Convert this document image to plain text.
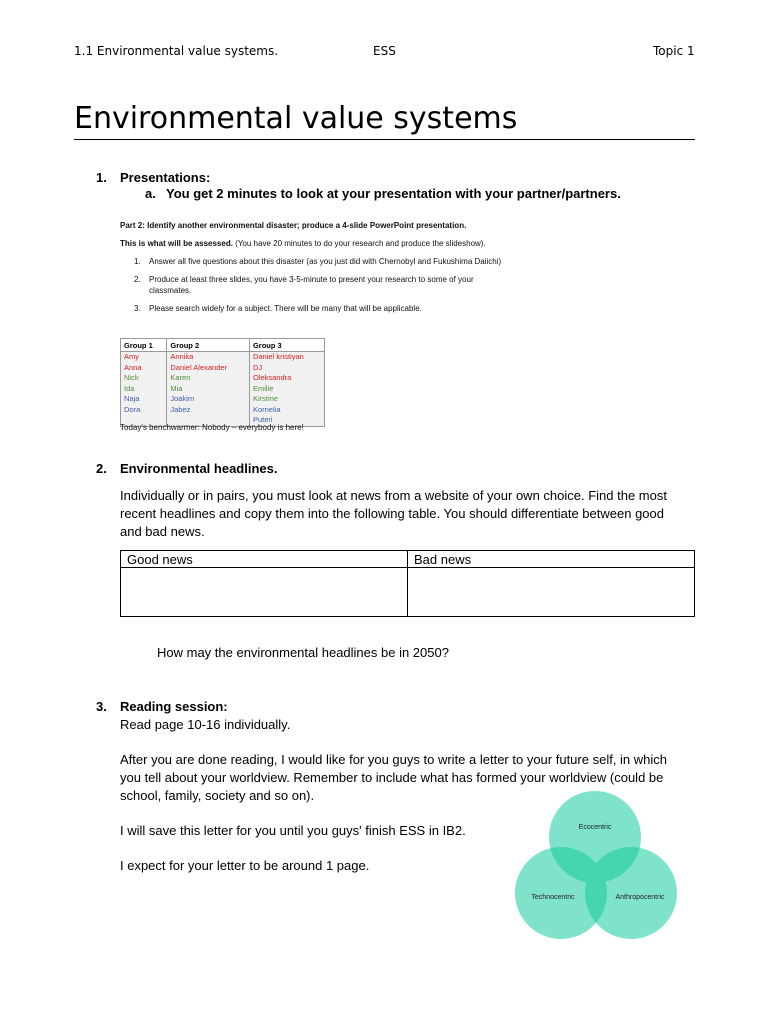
1.1 Environmental value systems.	ESS	Topic 1
Environmental value systems
1. Presentations:
a. You get 2 minutes to look at your presentation with your partner/partners.
Part 2: Identify another environmental disaster; produce a 4-slide PowerPoint presentation.
This is what will be assessed. (You have 20 minutes to do your research and produce the slideshow).
1. Answer all five questions about this disaster (as you just did with Chernobyl and Fukushima Daiichi)
2. Produce at least three slides, you have 3-5-minute to present your research to some of your
classmates.
3. Please search widely for a subject. There will be many that will be applicable.
Group 1	Group 2	Group 3
Amy	Annika	Daniel kristiyan
Anna	Daniel Alexander	DJ
Nick	Karen	Oleksandra
Ida	Mia	Emilie
Naja	Joakim	Kirstine
Dora	Jabez	Kornelia
		Puteri
Today's benchwarmer: Nobody – everybody is here!
2. Environmental headlines.
Individually or in pairs, you must look at news from a website of your own choice. Find the most
recent headlines and copy them into the following table. You should differentiate between good
and bad news.
Good news	Bad news

How may the environmental headlines be in 2050?
3. Reading session:
Read page 10-16 individually.
After you are done reading, I would like for you guys to write a letter to your future self, in which
you tell about your worldview. Remember to include what has formed your worldview (could be
school, family, society and so on).
I will save this letter for you until you guys' finish ESS in IB2.
I expect for your letter to be around 1 page.
Ecocentric
Technocentric	Anthropocentric
